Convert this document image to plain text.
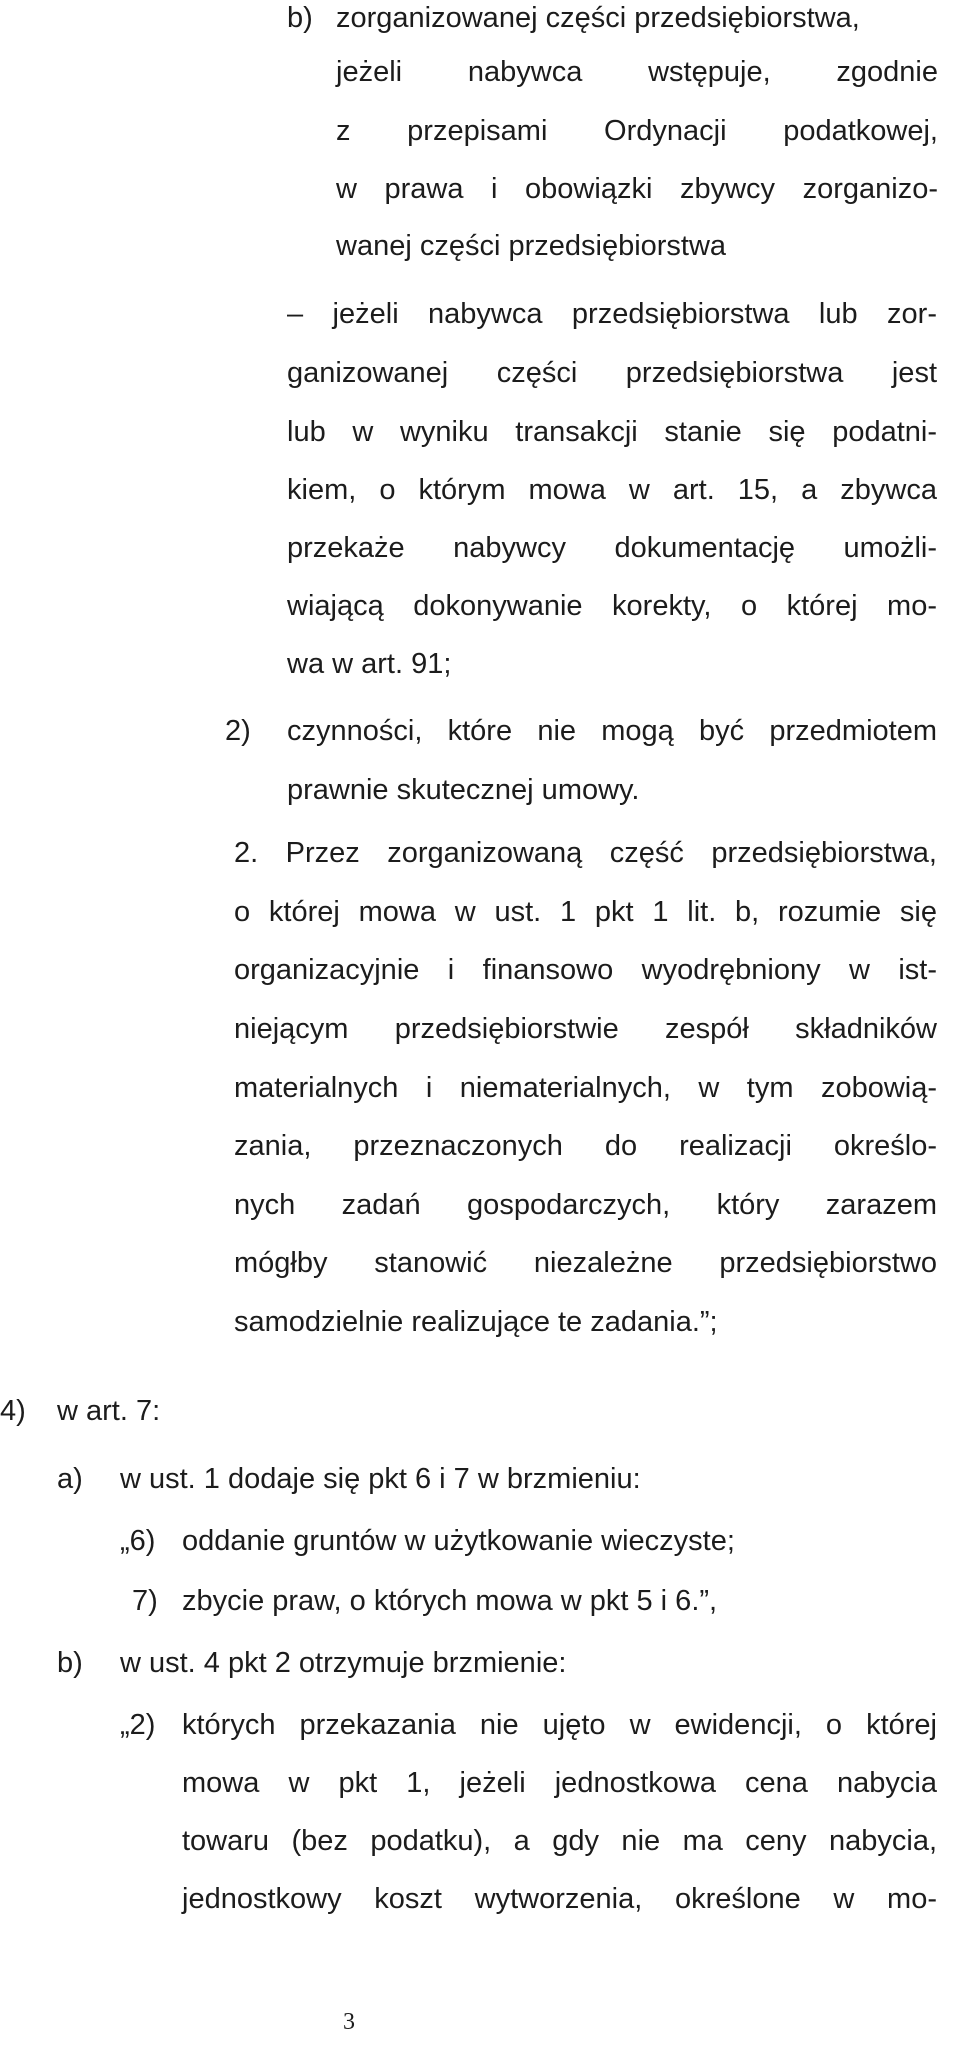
b) zorganizowanej części przedsiębiorstwa,
jeżeli nabywca wstępuje, zgodnie
z przepisami Ordynacji podatkowej,
w prawa i obowiązki zbywcy zorganizo-
wanej części przedsiębiorstwa
– jeżeli nabywca przedsiębiorstwa lub zor-
ganizowanej części przedsiębiorstwa jest
lub w wyniku transakcji stanie się podatni-
kiem, o którym mowa w art. 15, a zbywca
przekaże nabywcy dokumentację umożli-
wiającą dokonywanie korekty, o której mo-
wa w art. 91;
2) czynności, które nie mogą być przedmiotem
prawnie skutecznej umowy.
2. Przez zorganizowaną część przedsiębiorstwa,
o której mowa w ust. 1 pkt 1 lit. b, rozumie się
organizacyjnie i finansowo wyodrębniony w ist-
niejącym przedsiębiorstwie zespół składników
materialnych i niematerialnych, w tym zobowią-
zania, przeznaczonych do realizacji określo-
nych zadań gospodarczych, który zarazem
mógłby stanowić niezależne przedsiębiorstwo
samodzielnie realizujące te zadania.”;
4) w art. 7:
a) w ust. 1 dodaje się pkt 6 i 7 w brzmieniu:
„6) oddanie gruntów w użytkowanie wieczyste;
7) zbycie praw, o których mowa w pkt 5 i 6.”,
b) w ust. 4 pkt 2 otrzymuje brzmienie:
„2) których przekazania nie ujęto w ewidencji, o której
mowa w pkt 1, jeżeli jednostkowa cena nabycia
towaru (bez podatku), a gdy nie ma ceny nabycia,
jednostkowy koszt wytworzenia, określone w mo-
3
